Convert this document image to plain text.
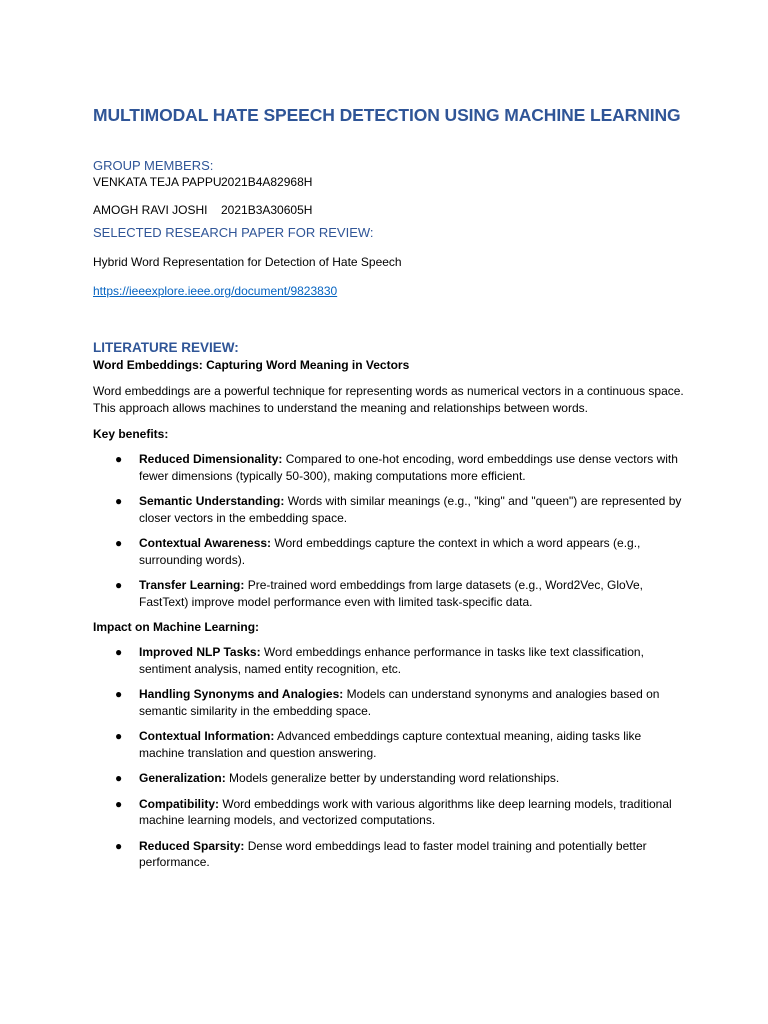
MULTIMODAL HATE SPEECH DETECTION USING MACHINE LEARNING

GROUP MEMBERS:

VENKATA TEJA PAPPU 2021B4A82968H
AMOGH RAVI JOSHI	2021B3A30605H

SELECTED RESEARCH PAPER FOR REVIEW:

Hybrid Word Representation for Detection of Hate Speech

https://ieeexplore.ieee.org/document/9823830

LITERATURE REVIEW:

Word Embeddings: Capturing Word Meaning in Vectors

Word embeddings are a powerful technique for representing words as numerical vectors in a continuous space. This approach allows machines to understand the meaning and relationships between words.

Key benefits:

● Reduced Dimensionality: Compared to one-hot encoding, word embeddings use dense vectors with fewer dimensions (typically 50-300), making computations more efficient.
● Semantic Understanding: Words with similar meanings (e.g., "king" and "queen") are represented by closer vectors in the embedding space.
● Contextual Awareness: Word embeddings capture the context in which a word appears (e.g., surrounding words).
● Transfer Learning: Pre-trained word embeddings from large datasets (e.g., Word2Vec, GloVe, FastText) improve model performance even with limited task-specific data.

Impact on Machine Learning:

● Improved NLP Tasks: Word embeddings enhance performance in tasks like text classification, sentiment analysis, named entity recognition, etc.
● Handling Synonyms and Analogies: Models can understand synonyms and analogies based on semantic similarity in the embedding space.
● Contextual Information: Advanced embeddings capture contextual meaning, aiding tasks like machine translation and question answering.
● Generalization: Models generalize better by understanding word relationships.
● Compatibility: Word embeddings work with various algorithms like deep learning models, traditional machine learning models, and vectorized computations.
● Reduced Sparsity: Dense word embeddings lead to faster model training and potentially better performance.
